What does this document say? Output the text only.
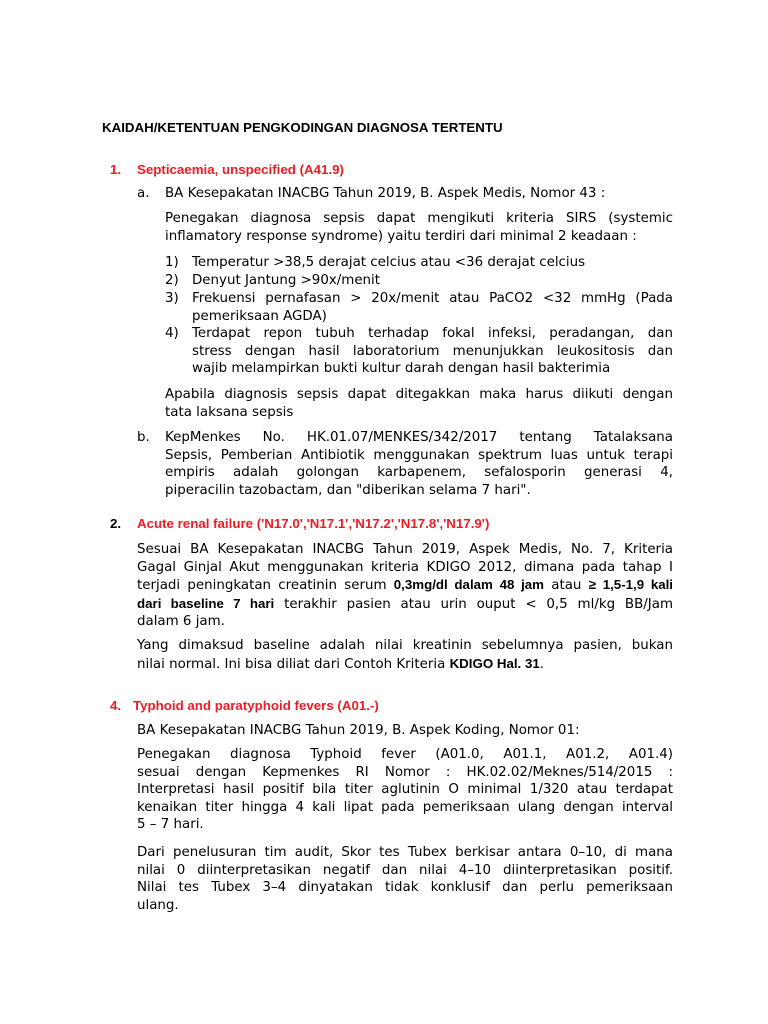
KAIDAH/KETENTUAN PENGKODINGAN DIAGNOSA TERTENTU
1. Septicaemia, unspecified (A41.9)
a. BA Kesepakatan INACBG Tahun 2019, B. Aspek Medis, Nomor 43 :
Penegakan diagnosa sepsis dapat mengikuti kriteria SIRS (systemic
inflamatory response syndrome) yaitu terdiri dari minimal 2 keadaan :
1) Temperatur >38,5 derajat celcius atau <36 derajat celcius
2) Denyut Jantung >90x/menit
3) Frekuensi pernafasan > 20x/menit atau PaCO2 <32 mmHg (Pada
pemeriksaan AGDA)
4) Terdapat repon tubuh terhadap fokal infeksi, peradangan, dan
stress dengan hasil laboratorium menunjukkan leukositosis dan
wajib melampirkan bukti kultur darah dengan hasil bakterimia
Apabila diagnosis sepsis dapat ditegakkan maka harus diikuti dengan
tata laksana sepsis
b. KepMenkes No. HK.01.07/MENKES/342/2017 tentang Tatalaksana
Sepsis, Pemberian Antibiotik menggunakan spektrum luas untuk terapi
empiris adalah golongan karbapenem, sefalosporin generasi 4,
piperacilin tazobactam, dan "diberikan selama 7 hari".
2. Acute renal failure ('N17.0','N17.1','N17.2','N17.8','N17.9')
Sesuai BA Kesepakatan INACBG Tahun 2019, Aspek Medis, No. 7, Kriteria
Gagal Ginjal Akut menggunakan kriteria KDIGO 2012, dimana pada tahap I
terjadi peningkatan creatinin serum 0,3mg/dl dalam 48 jam atau ≥ 1,5-1,9 kali
dari baseline 7 hari terakhir pasien atau urin ouput < 0,5 ml/kg BB/Jam
dalam 6 jam.
Yang dimaksud baseline adalah nilai kreatinin sebelumnya pasien, bukan
nilai normal. Ini bisa diliat dari Contoh Kriteria KDIGO Hal. 31.
4. Typhoid and paratyphoid fevers (A01.-)
BA Kesepakatan INACBG Tahun 2019, B. Aspek Koding, Nomor 01:
Penegakan diagnosa Typhoid fever (A01.0, A01.1, A01.2, A01.4)
sesuai dengan Kepmenkes RI Nomor : HK.02.02/Meknes/514/2015 :
Interpretasi hasil positif bila titer aglutinin O minimal 1/320 atau terdapat
kenaikan titer hingga 4 kali lipat pada pemeriksaan ulang dengan interval
5 – 7 hari.
Dari penelusuran tim audit, Skor tes Tubex berkisar antara 0–10, di mana
nilai 0 diinterpretasikan negatif dan nilai 4–10 diinterpretasikan positif.
Nilai tes Tubex 3–4 dinyatakan tidak konklusif dan perlu pemeriksaan
ulang.
